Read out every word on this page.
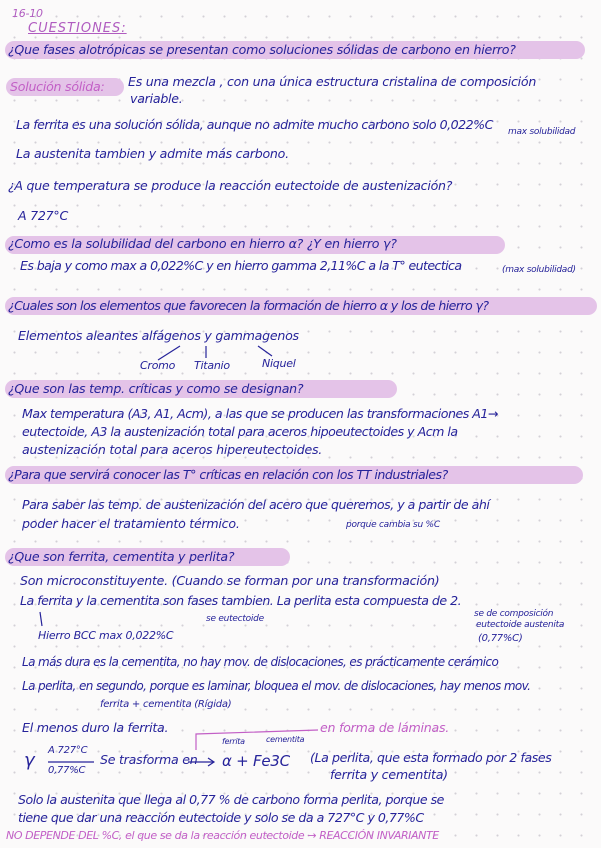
16-10
CUESTIONES:
¿Que fases alotrópicas se presentan como soluciones sólidas de carbono en hierro?
Solución sólida: Es una mezcla , con una única estructura cristalina de composición
variable.
La ferrita es una solución sólida, aunque no admite mucho carbono solo 0,022%C max solubilidad
La austenita tambien y admite más carbono.
¿A que temperatura se produce la reacción eutectoide de austenización?
A 727°C
¿Como es la solubilidad del carbono en hierro α? ¿Y en hierro γ?
Es baja y como max a 0,022%C y en hierro gamma 2,11%C a la T° eutectica	(max solubilidad)
¿Cuales son los elementos que favorecen la formación de hierro α y los de hierro γ?
Elementos aleantes alfágenos y gammagenos
Cromo Titanio	Niquel
¿Que son las temp. críticas y como se designan?
Max temperatura (A3, A1, Acm), a las que se producen las transformaciones A1→
eutectoide, A3 la austenización total para aceros hipoeutectoides y Acm la
austenización total para aceros hipereutectoides.
¿Para que servirá conocer las T° críticas en relación con los TT industriales?
Para saber las temp. de austenización del acero que queremos, y a partir de ahí
poder hacer el tratamiento térmico.	porque cambia su %C
¿Que son ferrita, cementita y perlita?
Son microconstituyente. (Cuando se forman por una transformación)
La ferrita y la cementita son fases tambien. La perlita esta compuesta de 2.
se eutectoide	se de composición
eutectoide austenita
Hierro BCC max 0,022%C	(0,77%C)
La más dura es la cementita, no hay mov. de dislocaciones, es prácticamente cerámico
La perlita, en segundo, porque es laminar, bloquea el mov. de dislocaciones, hay menos mov.
ferrita + cementita (Rígida)
El menos duro la ferrita.	en forma de láminas.
γ A 727°C
0,77%C
Se trasforma en
ferrita	cementita
α + Fe3C (La perlita, que esta formado por 2 fases
ferrita y cementita)
Solo la austenita que llega al 0,77 % de carbono forma perlita, porque se
tiene que dar una reacción eutectoide y solo se da a 727°C y 0,77%C
NO DEPENDE DEL %C, el que se da la reacción eutectoide → REACCIÓN INVARIANTE
